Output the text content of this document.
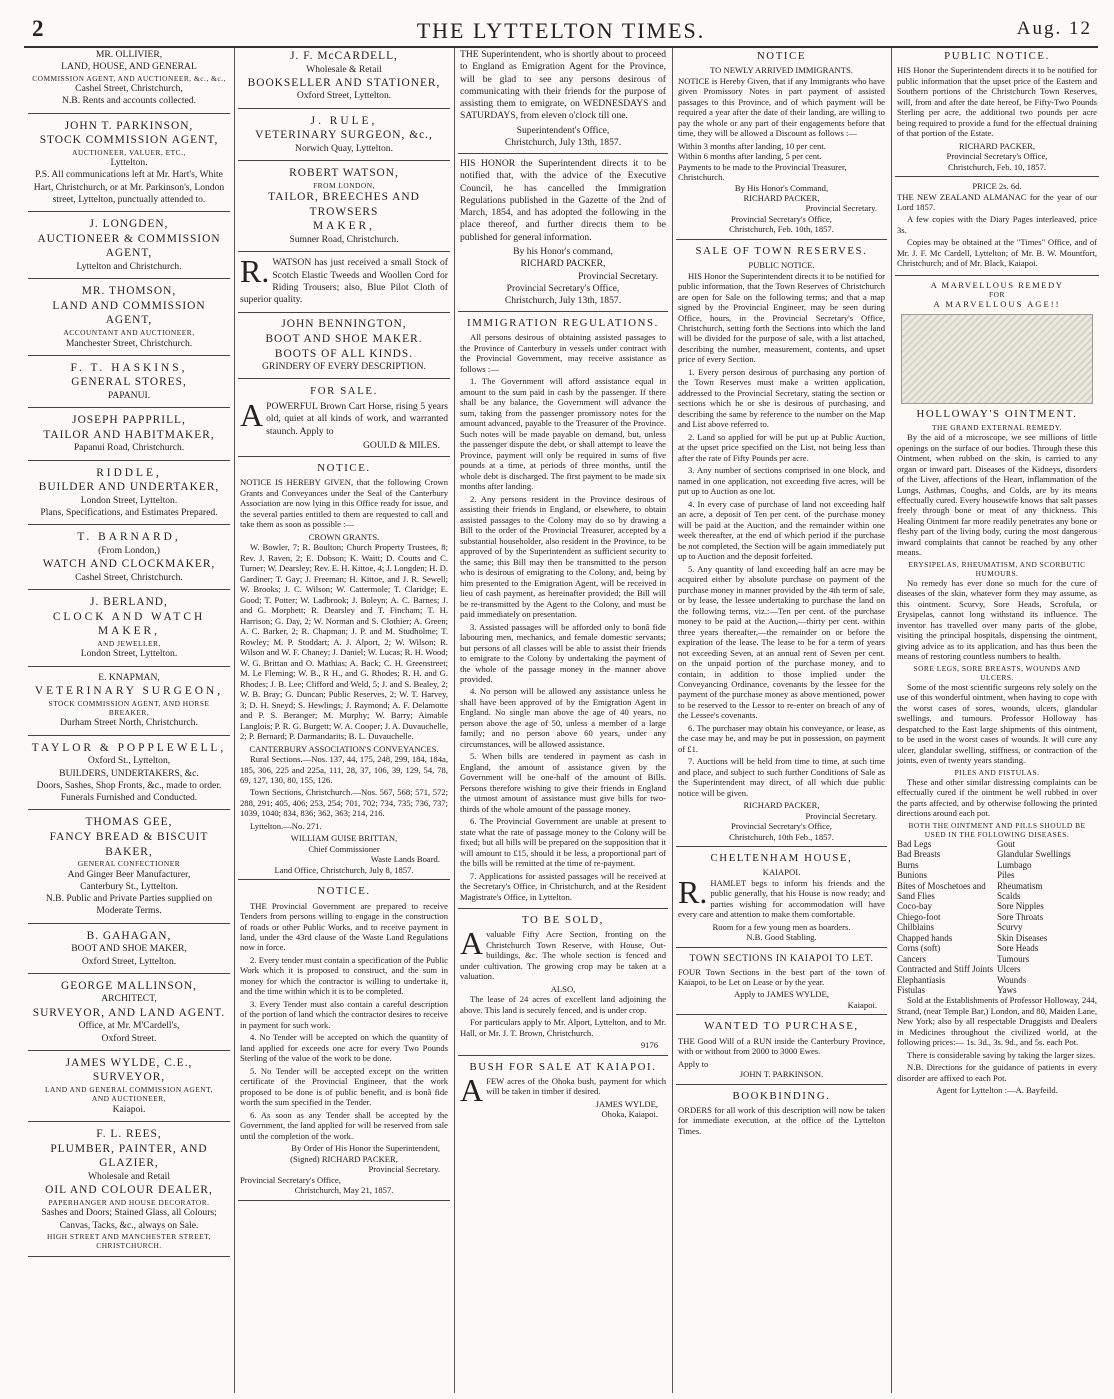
2	THE LYTTELTON TIMES.	Aug. 12
MR. OLLIVIER,
LAND, HOUSE, AND GENERAL
COMMISSION AGENT, AND AUCTIONEER, &c., &c.,
Cashel Street, Christchurch,
N.B. Rents and accounts collected.
JOHN T. PARKINSON,
STOCK COMMISSION AGENT,
AUCTIONEER, VALUER, ETC.,
Lyttelton.
P.S. All communications left at Mr. Hart's, White Hart, Christchurch, or at Mr. Parkinson's, London street, Lyttelton, punctually attended to.
J. LONGDEN,
AUCTIONEER & COMMISSION AGENT,
Lyttelton and Christchurch.
MR. THOMSON,
LAND AND COMMISSION AGENT,
ACCOUNTANT AND AUCTIONEER,
Manchester Street, Christchurch.
F. T. HASKINS,
GENERAL STORES,
PAPANUI.
JOSEPH PAPPRILL,
TAILOR AND HABITMAKER,
Papanui Road, Christchurch.
RIDDLE,
BUILDER AND UNDERTAKER,
London Street, Lyttelton.
Plans, Specifications, and Estimates Prepared.
T. BARNARD,
(From London,)
WATCH AND CLOCKMAKER,
Cashel Street, Christchurch.
J. BERLAND,
CLOCK AND WATCH MAKER,
AND JEWELLER,
London Street, Lyttelton.
E. KNAPMAN,
VETERINARY SURGEON,
STOCK COMMISSION AGENT, AND HORSE
BREAKER,
Durham Street North, Christchurch.
TAYLOR & POPPLEWELL,
Oxford St., Lyttelton,
BUILDERS, UNDERTAKERS, &c.
Doors, Sashes, Shop Fronts, &c., made to order.
Funerals Furnished and Conducted.
THOMAS GEE,
FANCY BREAD & BISCUIT BAKER,
GENERAL CONFECTIONER
And Ginger Beer Manufacturer,
Canterbury St., Lyttelton.
N.B. Public and Private Parties supplied on Moderate Terms.
B. GAHAGAN,
BOOT AND SHOE MAKER,
Oxford Street, Lyttelton.
GEORGE MALLINSON,
ARCHITECT,
SURVEYOR, AND LAND AGENT.
Office, at Mr. M'Cardell's,
Oxford Street.
JAMES WYLDE, C.E.,
SURVEYOR,
LAND AND GENERAL COMMISSION AGENT,
AND AUCTIONEER,
Kaiapoi.
F. L. REES,
PLUMBER, PAINTER, AND GLAZIER,
Wholesale and Retail
OIL AND COLOUR DEALER,
PAPERHANGER AND HOUSE DECORATOR.
Sashes and Doors; Stained Glass, all Colours; Canvas, Tacks, &c., always on Sale.
HIGH STREET AND MANCHESTER STREET,
CHRISTCHURCH.
J. F. McCARDELL,
Wholesale & Retail
BOOKSELLER AND STATIONER,
Oxford Street, Lyttelton.
J. RULE,
VETERINARY SURGEON, &c.,
Norwich Quay, Lyttelton.
ROBERT WATSON,
FROM LONDON,
TAILOR, BREECHES AND TROWSERS
MAKER,
Sumner Road, Christchurch.

R. WATSON has just received a small Stock of Scotch Elastic Tweeds and Woollen Cord for Riding Trousers; also, Blue Pilot Cloth of superior quality.

JOHN BENNINGTON,
BOOT AND SHOE MAKER.
BOOTS OF ALL KINDS.
GRINDERY OF EVERY DESCRIPTION.
FOR SALE.

APOWERFUL Brown Cart Horse, rising 5 years old, quiet at all kinds of work, and warranted staunch. Apply to

GOULD & MILES.
NOTICE.

NOTICE IS HEREBY GIVEN, that the following Crown Grants and Conveyances under the Seal of the Canterbury Association are now lying in this Office ready for issue, and the several parties entitled to them are requested to call and take them as soon as possible :—

CROWN GRANTS.

W. Bowler, 7; R. Boulton; Church Property Trustees, 8; Rev. J. Raven, 2; E. Dobson; K. Waitt; D. Coutts and C. Turner; W. Dearsley; Rev. E. H. Kittoe, 4; J. Longden; H. D. Gardiner; T. Gay; J. Freeman; H. Kittoe, and J. R. Sewell; W. Brooks; J. C. Wilson; W. Cattermole; T. Claridge; E. Good; T. Potter; W. Ladbrook; J. Boleyn; A. C. Barnes; J. and G. Morphett; R. Dearsley and T. Fincham; T. H. Harrison; G. Day, 2; W. Norman and S. Clothier; A. Green; A. C. Barker, 2; R. Chapman; J. P. and M. Studholme; T. Rowley; M. P. Stoddart; A. J. Alport, 2; W. Wilson; R. Wilson and W. F. Chaney; J. Daniel; W. Lucas; R. H. Wood; W. G. Brittan and O. Mathias; A. Back; C. H. Greenstreet; M. Le Fleming; W. B., R H., and G. Rhodes; R. H. and G. Rhodes; J. B. Lee; Clifford and Weld, 5; J. and S. Bealey, 2; W. B. Bray; G. Duncan; Public Reserves, 2; W. T. Harvey, 3; D. H. Sneyd; S. Hewlings; J. Raymond; A. F. Delamotte and P. S. Beranger; M. Murphy; W. Barry; Aimable Langlois; P. R. G. Burgett; W. A. Cooper; J. A. Duvauchelle, 2; P. Bernard; P. Darmandarits; B. L. Duvauchelle.

CANTERBURY ASSOCIATION'S CONVEYANCES.

Rural Sections.—Nos. 137, 44, 175, 248, 299, 184, 184a, 185, 306, 225 and 225a, 111, 28, 37, 106, 39, 129, 54, 78, 69, 127, 130, 80, 155, 126.

Town Sections, Christchurch.—Nos. 567, 568; 571, 572; 288, 291; 405, 406; 253, 254; 701, 702; 734, 735; 736, 737; 1039, 1040; 834, 836; 362, 363; 214, 216.

Lyttelton.—No. 271.

WILLIAM GUISE BRITTAN,
Chief Commissioner
Waste Lands Board.
Land Office, Christchurch, July 8, 1857.
NOTICE.

THE Provincial Government are prepared to receive Tenders from persons willing to engage in the construction of roads or other Public Works, and to receive payment in land, under the 43rd clause of the Waste Land Regulations now in force.

2. Every tender must contain a specification of the Public Work which it is proposed to construct, and the sum in money for which the contractor is willing to undertake it, and the time within which it is to be completed.

3. Every Tender must also contain a careful description of the portion of land which the contractor desires to receive in payment for such work.

4. No Tender will be accepted on which the quantity of land applied for exceeds one acre for every Two Pounds Sterling of the value of the work to be done.

5. No Tender will be accepted except on the written certificate of the Provincial Engineer, that the work proposed to be done is of public benefit, and is bonâ fide worth the sum specified in the Tender.

6. As soon as any Tender shall be accepted by the Government, the land applied for will be reserved from sale until the completion of the work.

By Order of His Honor the Superintendent,
(Signed) RICHARD PACKER,
Provincial Secretary.
Provincial Secretary's Office,
Christchurch, May 21, 1857.

THE Superintendent, who is shortly about to proceed to England as Emigration Agent for the Province, will be glad to see any persons desirous of communicating with their friends for the purpose of assisting them to emigrate, on WEDNESDAYS and SATURDAYS, from eleven o'clock till one.

Superintendent's Office,
Christchurch, July 13th, 1857.

HIS HONOR the Superintendent directs it to be notified that, with the advice of the Executive Council, he has cancelled the Immigration Regulations published in the Gazette of the 2nd of March, 1854, and has adopted the following in the place thereof, and further directs them to be published for general information.

By his Honor's command,
RICHARD PACKER,
Provincial Secretary.
Provincial Secretary's Office,
Christchurch, July 13th, 1857.
IMMIGRATION REGULATIONS.

All persons desirous of obtaining assisted passages to the Province of Canterbury in vessels under contract with the Provincial Government, may receive assistance as follows :—

1. The Government will afford assistance equal in amount to the sum paid in cash by the passenger. If there shall be any balance, the Government will advance the sum, taking from the passenger promissory notes for the amount advanced, payable to the Treasurer of the Province. Such notes will be made payable on demand, but, unless the passenger dispute the debt, or shall attempt to leave the Province, payment will only be required in sums of five pounds at a time, at periods of three months, until the whole debt is discharged. The first payment to be made six months after landing.

2. Any persons resident in the Province desirous of assisting their friends in England, or elsewhere, to obtain assisted passages to the Colony may do so by drawing a Bill to the order of the Provincial Treasurer, accepted by a substantial householder, also resident in the Province, to be approved of by the Superintendent as sufficient security to the same; this Bill may then be transmitted to the person who is desirous of emigrating to the Colony, and, being by him presented to the Emigration Agent, will be received in lieu of cash payment, as hereinafter provided; the Bill will be re-transmitted by the Agent to the Colony, and must be paid immediately on presentation.

3. Assisted passages will be afforded only to bonâ fide labouring men, mechanics, and female domestic servants; but persons of all classes will be able to assist their friends to emigrate to the Colony by undertaking the payment of the whole of the passage money in the manner above provided.

4. No person will be allowed any assistance unless he shall have been approved of by the Emigration Agent in England. No single man above the age of 40 years, no person above the age of 50, unless a member of a large family; and no person above 60 years, under any circumstances, will be allowed assistance.

5. When bills are tendered in payment as cash in England, the amount of assistance given by the Government will be one-half of the amount of Bills. Persons therefore wishing to give their friends in England the utmost amount of assistance must give bills for two-thirds of the whole amount of the passage money.

6. The Provincial Government are unable at present to state what the rate of passage money to the Colony will be fixed; but all bills will be prepared on the supposition that it will amount to £15, should it be less, a proportional part of the bills will be remitted at the time of re-payment.

7. Applications for assisted passages will be received at the Secretary's Office, in Christchurch, and at the Resident Magistrate's Office, in Lyttelton.

TO BE SOLD,

Avaluable Fifty Acre Section, fronting on the Christchurch Town Reserve, with House, Out-buildings, &c. The whole section is fenced and under cultivation. The growing crop may be taken at a valuation.

ALSO,

The lease of 24 acres of excellent land adjoining the above. This land is securely fenced, and is under crop.

For particulars apply to Mr. Alport, Lyttelton, and to Mr. Hall, or Mr. J. T. Brown, Christchurch.

9176
BUSH FOR SALE AT KAIAPOI.

AFEW acres of the Ohoka bush, payment for which will be taken in timber if desired.

JAMES WYLDE,
Ohoka, Kaiapoi.
NOTICE
TO NEWLY ARRIVED IMMIGRANTS.

NOTICE is Hereby Given, that if any Immigrants who have given Promissory Notes in part payment of assisted passages to this Province, and of which payment will be required a year after the date of their landing, are willing to pay the whole or any part of their engagements before that time, they will be allowed a Discount as follows :—

Within 3 months after landing, 10 per cent.
Within 6 months after landing, 5 per cent.
Payments to be made to the Provincial Treasurer, Christchurch.
By His Honor's Command,
RICHARD PACKER,
Provincial Secretary.
Provincial Secretary's Office,
Christchurch, Feb. 10th, 1857.
SALE OF TOWN RESERVES.
PUBLIC NOTICE.

HIS Honor the Superintendent directs it to be notified for public information, that the Town Reserves of Christchurch are open for Sale on the following terms; and that a map signed by the Provincial Engineer, may be seen during Office, hours, in the Provincial Secretary's Office, Christchurch, setting forth the Sections into which the land will be divided for the purpose of sale, with a list attached, describing the number, measurement, contents, and upset price of every Section.

1. Every person desirous of purchasing any portion of the Town Reserves must make a written application, addressed to the Provincial Secretary, stating the section or sections which he or she is desirous of purchasing, and describing the same by reference to the number on the Map and List above referred to.

2. Land so applied for will be put up at Public Auction, at the upset price specified on the List, not being less than after the rate of Fifty Pounds per acre.

3. Any number of sections comprised in one block, and named in one application, not exceeding five acres, will be put up to Auction as one lot.

4. In every case of purchase of land not exceeding half an acre, a deposit of Ten per cent. of the purchase money will be paid at the Auction, and the remainder within one week thereafter, at the end of which period if the purchase be not completed, the Section will be again immediately put up to Auction and the deposit forfeited.

5. Any quantity of land exceeding half an acre may be acquired either by absolute purchase on payment of the purchase money in manner provided by the 4th term of sale, or by lease, the lessee undertaking to purchase the land on the following terms, viz.:—Ten per cent. of the purchase money to be paid at the Auction,—thirty per cent. within three years thereafter,—the remainder on or before the expiration of the lease. The lease to be for a term of years not exceeding Seven, at an annual rent of Seven per cent. on the unpaid portion of the purchase money, and to contain, in addition to those implied under the Conveyancing Ordinance, covenants by the lessee for the payment of the purchase money as above mentioned, power to be reserved to the Lessor to re-enter on breach of any of the Lessee's covenants.

6. The purchaser may obtain his conveyance, or lease, as the case may be, and may be put in possession, on payment of £1.

7. Auctions will be held from time to time, at such time and place, and subject to such further Conditions of Sale as the Superintendent may direct, of all which due public notice will be given.

RICHARD PACKER,
Provincial Secretary.
Provincial Secretary's Office,
Christchurch, 10th Feb., 1857.
CHELTENHAM HOUSE,
KAIAPOI.

R. HAMLET begs to inform his friends and the public generally, that his House is now ready; and parties wishing for accommodation will have every care and attention to make them comfortable.

Room for a few young men as boarders.
N.B. Good Stabling.
TOWN SECTIONS IN KAIAPOI TO LET.

FOUR Town Sections in the best part of the town of Kaiapoi, to be Let on Lease or by the year.

Apply to JAMES WYLDE,
Kaiapoi.
WANTED TO PURCHASE,

THE Good Will of a RUN inside the Canterbury Province, with or without from 2000 to 3000 Ewes.

Apply to
JOHN T. PARKINSON.
BOOKBINDING.

ORDERS for all work of this description will now be taken for immediate execution, at the office of the Lyttelton Times.

PUBLIC NOTICE.

HIS Honor the Superintendent directs it to be notified for public information that the upset price of the Eastern and Southern portions of the Christchurch Town Reserves, will, from and after the date hereof, be Fifty-Two Pounds Sterling per acre, the additional two pounds per acre being required to provide a fund for the effectual draining of that portion of the Estate.

RICHARD PACKER,
Provincial Secretary's Office,
Christchurch, Feb. 10, 1857.
PRICE 2s. 6d.

THE NEW ZEALAND ALMANAC for the year of our Lord 1857.

A few copies with the Diary Pages interleaved, price 3s.

Copies may be obtained at the "Times" Office, and of Mr. J. F. Mc Cardell, Lyttelton; of Mr. B. W. Mountfort, Christchurch; and of Mr. Black, Kaiapoi.

A MARVELLOUS REMEDY
FOR
A MARVELLOUS AGE!!
HOLLOWAY'S OINTMENT.
THE GRAND EXTERNAL REMEDY.

By the aid of a microscope, we see millions of little openings on the surface of our bodies. Through these this Ointment, when rubbed on the skin, is carried to any organ or inward part. Diseases of the Kidneys, disorders of the Liver, affections of the Heart, inflammation of the Lungs, Asthmas, Coughs, and Colds, are by its means effectually cured. Every housewife knows that salt passes freely through bone or meat of any thickness. This Healing Ointment far more readily penetrates any bone or fleshy part of the living body, curing the most dangerous inward complaints that cannot be reached by any other means.

ERYSIPELAS, RHEUMATISM, AND SCORBUTIC HUMOURS.

No remedy has ever done so much for the cure of diseases of the skin, whatever form they may assume, as this ointment. Scurvy, Sore Heads, Scrofula, or Erysipelas, cannot long withstand its influence. The inventor has travelled over many parts of the globe, visiting the principal hospitals, dispensing the ointment, giving advice as to its application, and has thus been the means of restoring countless numbers to health.

SORE LEGS, SORE BREASTS, WOUNDS AND ULCERS.

Some of the most scientific surgeons rely solely on the use of this wonderful ointment, when having to cope with the worst cases of sores, wounds, ulcers, glandular swellings, and tumours. Professor Holloway has despatched to the East large shipments of this ointment, to be used in the worst cases of wounds. It will cure any ulcer, glandular swelling, stiffness, or contraction of the joints, even of twenty years standing.

PILES AND FISTULAS.

These and other similar distressing complaints can be effectually cured if the ointment be well rubbed in over the parts affected, and by otherwise following the printed directions around each pot.

BOTH THE OINTMENT AND PILLS SHOULD BE USED IN THE FOLLOWING DISEASES.
Bad Legs
Bad Breasts
Burns
Bunions
Bites of Moschetoes and Sand Flies
Coco-bay
Chiego-foot
Chilblains
Chapped hands
Corns (soft)
Cancers
Contracted and Stiff Joints
Elephantiasis
Fistulas
Gout
Glandular Swellings
Lumbago
Piles
Rheumatism
Scalds
Sore Nipples
Sore Throats
Scurvy
Skin Diseases
Sore Heads
Tumours
Ulcers
Wounds
Yaws

Sold at the Establishments of Professor Holloway, 244, Strand, (near Temple Bar,) London, and 80, Maiden Lane, New York; also by all respectable Druggists and Dealers in Medicines throughout the civilized world, at the following prices:— 1s. 3d., 3s. 9d., and 5s. each Pot.

There is considerable saving by taking the larger sizes.

N.B. Directions for the guidance of patients in every disorder are affixed to each Pot.

Agent for Lyttelton :—A. Bayfeild.
